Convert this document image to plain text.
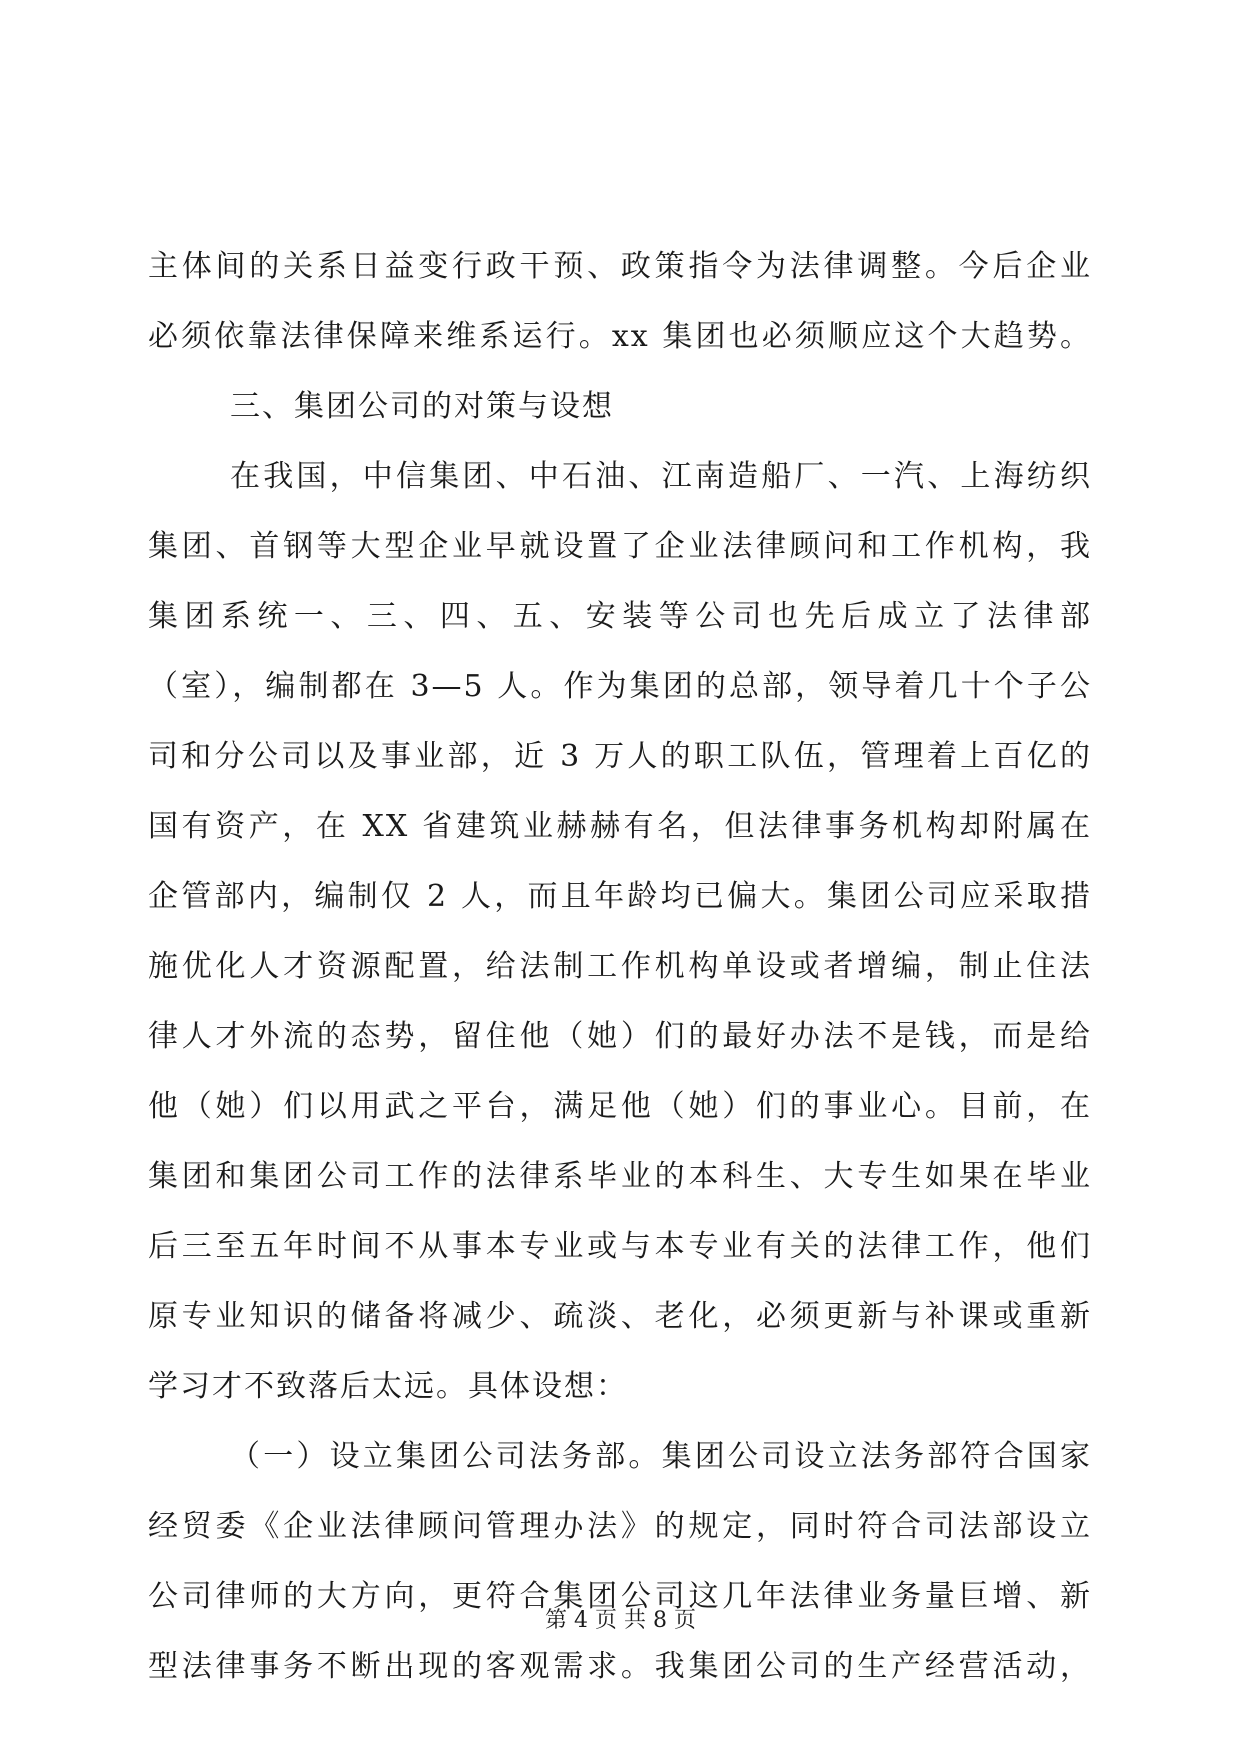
主体间的关系日益变行政干预、政策指令为法律调整。今后企业
必须依靠法律保障来维系运行。xx 集团也必须顺应这个大趋势。
三、集团公司的对策与设想
在我国，中信集团、中石油、江南造船厂、一汽、上海纺织
集团、首钢等大型企业早就设置了企业法律顾问和工作机构，我
集团系统一、三、四、五、安装等公司也先后成立了法律部
（室），编制都在 3—5 人。作为集团的总部，领导着几十个子公
司和分公司以及事业部，近 3 万人的职工队伍，管理着上百亿的
国有资产，在 XX 省建筑业赫赫有名，但法律事务机构却附属在
企管部内，编制仅 2 人，而且年龄均已偏大。集团公司应采取措
施优化人才资源配置，给法制工作机构单设或者增编，制止住法
律人才外流的态势，留住他（她）们的最好办法不是钱，而是给
他（她）们以用武之平台，满足他（她）们的事业心。目前，在
集团和集团公司工作的法律系毕业的本科生、大专生如果在毕业
后三至五年时间不从事本专业或与本专业有关的法律工作，他们
原专业知识的储备将减少、疏淡、老化，必须更新与补课或重新
学习才不致落后太远。具体设想：
（一）设立集团公司法务部。集团公司设立法务部符合国家
经贸委《企业法律顾问管理办法》的规定，同时符合司法部设立
公司律师的大方向，更符合集团公司这几年法律业务量巨增、新
型法律事务不断出现的客观需求。我集团公司的生产经营活动，
第 4 页 共 8 页
